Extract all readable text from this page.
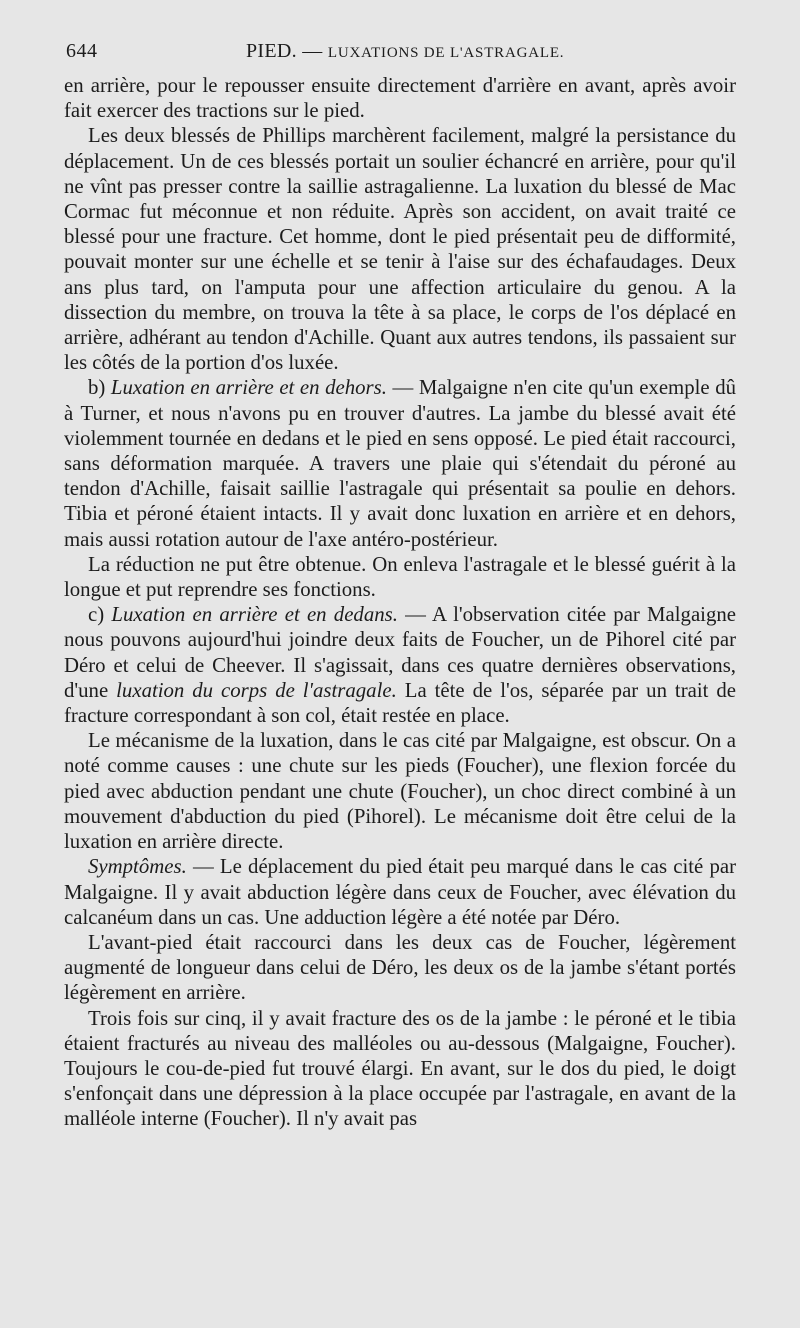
644	PIED. — LUXATIONS DE L'ASTRAGALE.

en arrière, pour le repousser ensuite directement d'arrière en avant, après avoir fait exercer des tractions sur le pied.

Les deux blessés de Phillips marchèrent facilement, malgré la persistance du déplacement. Un de ces blessés portait un soulier échancré en arrière, pour qu'il ne vînt pas presser contre la saillie astragalienne. La luxation du blessé de Mac Cormac fut méconnue et non réduite. Après son accident, on avait traité ce blessé pour une fracture. Cet homme, dont le pied présentait peu de difformité, pouvait monter sur une échelle et se tenir à l'aise sur des échafaudages. Deux ans plus tard, on l'amputa pour une affection articulaire du genou. A la dissection du membre, on trouva la tête à sa place, le corps de l'os déplacé en arrière, adhérant au tendon d'Achille. Quant aux autres tendons, ils passaient sur les côtés de la portion d'os luxée.

b) Luxation en arrière et en dehors. — Malgaigne n'en cite qu'un exemple dû à Turner, et nous n'avons pu en trouver d'autres. La jambe du blessé avait été violemment tournée en dedans et le pied en sens opposé. Le pied était raccourci, sans déformation marquée. A travers une plaie qui s'étendait du péroné au tendon d'Achille, faisait saillie l'astragale qui présentait sa poulie en dehors. Tibia et péroné étaient intacts. Il y avait donc luxation en arrière et en dehors, mais aussi rotation autour de l'axe antéro-postérieur.

La réduction ne put être obtenue. On enleva l'astragale et le blessé guérit à la longue et put reprendre ses fonctions.

c) Luxation en arrière et en dedans. — A l'observation citée par Malgaigne nous pouvons aujourd'hui joindre deux faits de Foucher, un de Pihorel cité par Déro et celui de Cheever. Il s'agissait, dans ces quatre dernières observations, d'une luxation du corps de l'astragale. La tête de l'os, séparée par un trait de fracture correspondant à son col, était restée en place.

Le mécanisme de la luxation, dans le cas cité par Malgaigne, est obscur. On a noté comme causes : une chute sur les pieds (Foucher), une flexion forcée du pied avec abduction pendant une chute (Foucher), un choc direct combiné à un mouvement d'abduction du pied (Pihorel). Le mécanisme doit être celui de la luxation en arrière directe.

Symptômes. — Le déplacement du pied était peu marqué dans le cas cité par Malgaigne. Il y avait abduction légère dans ceux de Foucher, avec élévation du calcanéum dans un cas. Une adduction légère a été notée par Déro.

L'avant-pied était raccourci dans les deux cas de Foucher, légèrement augmenté de longueur dans celui de Déro, les deux os de la jambe s'étant portés légèrement en arrière.

Trois fois sur cinq, il y avait fracture des os de la jambe : le péroné et le tibia étaient fracturés au niveau des malléoles ou au-dessous (Malgaigne, Foucher). Toujours le cou-de-pied fut trouvé élargi. En avant, sur le dos du pied, le doigt s'enfonçait dans une dépression à la place occupée par l'astragale, en avant de la malléole interne (Foucher). Il n'y avait pas
